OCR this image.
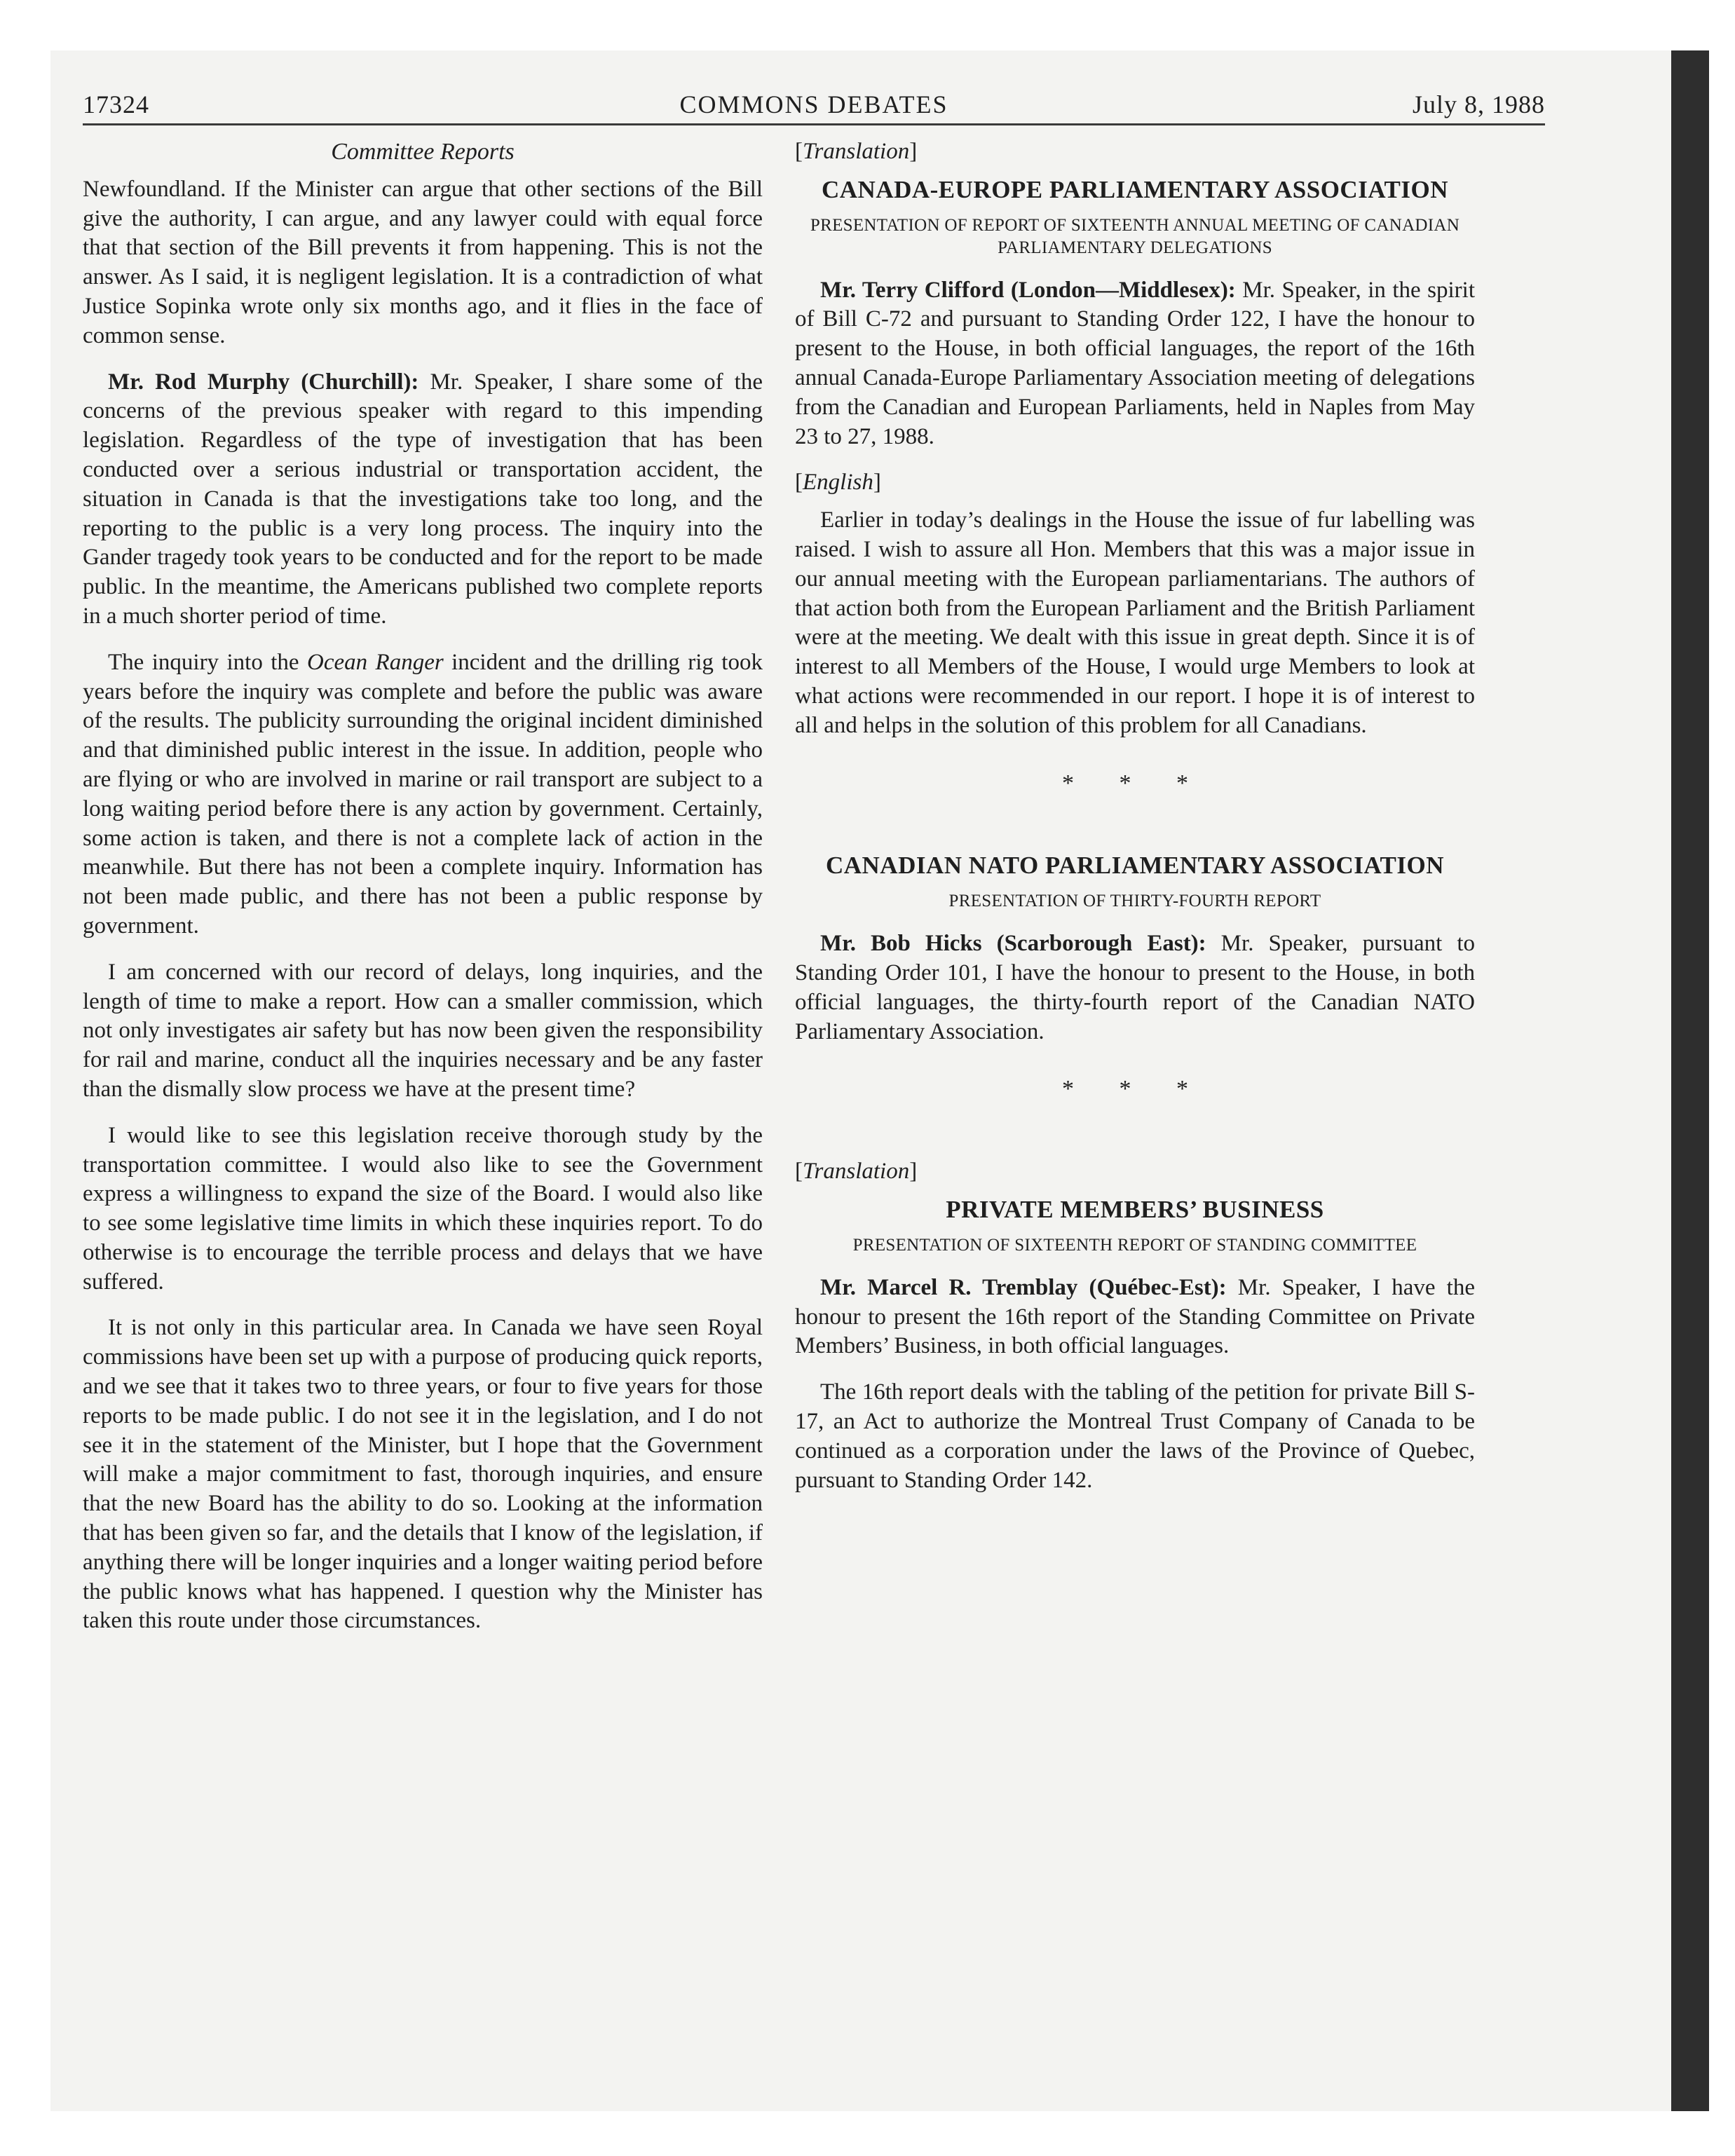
17324	COMMONS DEBATES	July 8, 1988
Committee Reports

Newfoundland. If the Minister can argue that other sections of the Bill give the authority, I can argue, and any lawyer could with equal force that that section of the Bill prevents it from happening. This is not the answer. As I said, it is negligent legislation. It is a contradiction of what Justice Sopinka wrote only six months ago, and it flies in the face of common sense.

Mr. Rod Murphy (Churchill): Mr. Speaker, I share some of the concerns of the previous speaker with regard to this impending legislation. Regardless of the type of investigation that has been conducted over a serious industrial or transportation accident, the situation in Canada is that the investigations take too long, and the reporting to the public is a very long process. The inquiry into the Gander tragedy took years to be conducted and for the report to be made public. In the meantime, the Americans published two complete reports in a much shorter period of time.

The inquiry into the Ocean Ranger incident and the drilling rig took years before the inquiry was complete and before the public was aware of the results. The publicity surrounding the original incident diminished and that diminished public interest in the issue. In addition, people who are flying or who are involved in marine or rail transport are subject to a long waiting period before there is any action by government. Certainly, some action is taken, and there is not a complete lack of action in the meanwhile. But there has not been a complete inquiry. Information has not been made public, and there has not been a public response by government.

I am concerned with our record of delays, long inquiries, and the length of time to make a report. How can a smaller commission, which not only investigates air safety but has now been given the responsibility for rail and marine, conduct all the inquiries necessary and be any faster than the dismally slow process we have at the present time?

I would like to see this legislation receive thorough study by the transportation committee. I would also like to see the Government express a willingness to expand the size of the Board. I would also like to see some legislative time limits in which these inquiries report. To do otherwise is to encourage the terrible process and delays that we have suffered.

It is not only in this particular area. In Canada we have seen Royal commissions have been set up with a purpose of producing quick reports, and we see that it takes two to three years, or four to five years for those reports to be made public. I do not see it in the legislation, and I do not see it in the statement of the Minister, but I hope that the Government will make a major commitment to fast, thorough inquiries, and ensure that the new Board has the ability to do so. Looking at the information that has been given so far, and the details that I know of the legislation, if anything there will be longer inquiries and a longer waiting period before the public knows what has happened. I question why the Minister has taken this route under those circumstances.

[Translation]
CANADA-EUROPE PARLIAMENTARY ASSOCIATION
PRESENTATION OF REPORT OF SIXTEENTH ANNUAL MEETING OF CANADIAN PARLIAMENTARY DELEGATIONS

Mr. Terry Clifford (London—Middlesex): Mr. Speaker, in the spirit of Bill C-72 and pursuant to Standing Order 122, I have the honour to present to the House, in both official languages, the report of the 16th annual Canada-Europe Parliamentary Association meeting of delegations from the Canadian and European Parliaments, held in Naples from May 23 to 27, 1988.

[English]

Earlier in today’s dealings in the House the issue of fur labelling was raised. I wish to assure all Hon. Members that this was a major issue in our annual meeting with the European parliamentarians. The authors of that action both from the European Parliament and the British Parliament were at the meeting. We dealt with this issue in great depth. Since it is of interest to all Members of the House, I would urge Members to look at what actions were recommended in our report. I hope it is of interest to all and helps in the solution of this problem for all Canadians.

* * *
CANADIAN NATO PARLIAMENTARY ASSOCIATION
PRESENTATION OF THIRTY-FOURTH REPORT

Mr. Bob Hicks (Scarborough East): Mr. Speaker, pursuant to Standing Order 101, I have the honour to present to the House, in both official languages, the thirty-fourth report of the Canadian NATO Parliamentary Association.

* * *
[Translation]
PRIVATE MEMBERS’ BUSINESS
PRESENTATION OF SIXTEENTH REPORT OF STANDING COMMITTEE

Mr. Marcel R. Tremblay (Québec-Est): Mr. Speaker, I have the honour to present the 16th report of the Standing Committee on Private Members’ Business, in both official languages.

The 16th report deals with the tabling of the petition for private Bill S-17, an Act to authorize the Montreal Trust Company of Canada to be continued as a corporation under the laws of the Province of Quebec, pursuant to Standing Order 142.
